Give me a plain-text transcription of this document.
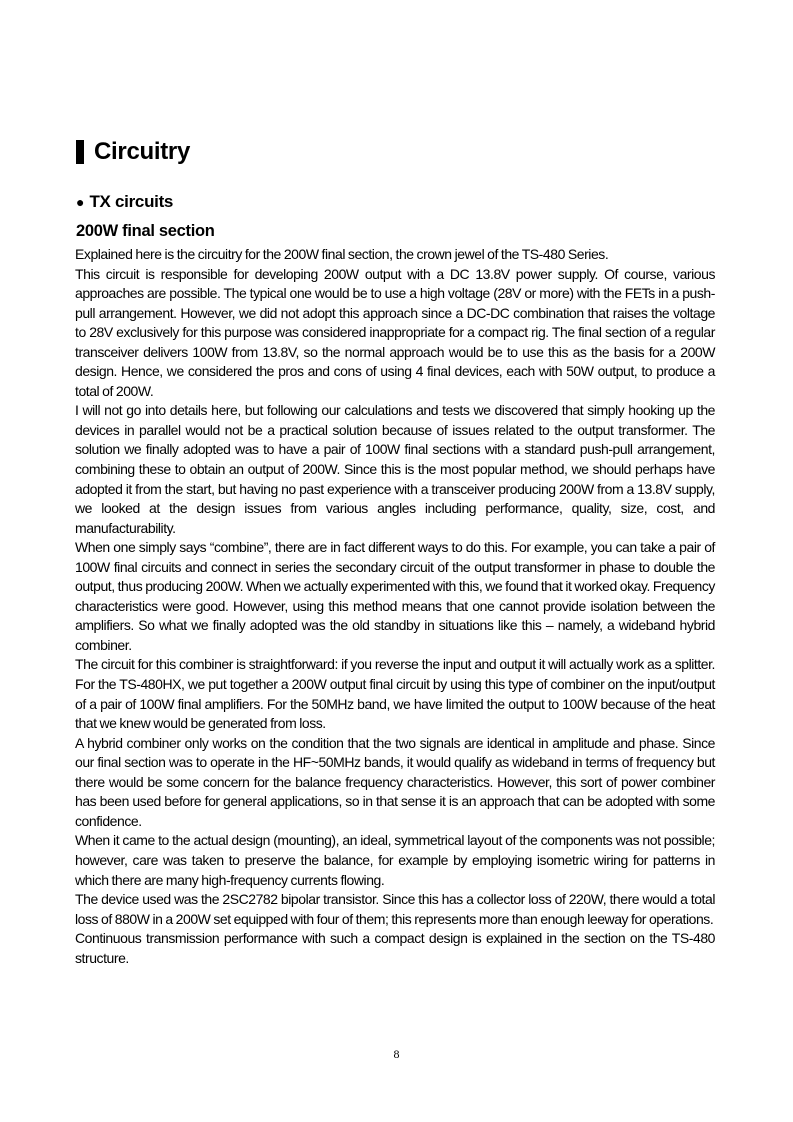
Circuitry
● TX circuits
200W final section

Explained here is the circuitry for the 200W final section, the crown jewel of the TS-480 Series.

This circuit is responsible for developing 200W output with a DC 13.8V power supply. Of course, various approaches are possible. The typical one would be to use a high voltage (28V or more) with the FETs in a push-pull arrangement. However, we did not adopt this approach since a DC-DC combination that raises the voltage to 28V exclusively for this purpose was considered inappropriate for a compact rig. The final section of a regular transceiver delivers 100W from 13.8V, so the normal approach would be to use this as the basis for a 200W design. Hence, we considered the pros and cons of using 4 final devices, each with 50W output, to produce a total of 200W.

I will not go into details here, but following our calculations and tests we discovered that simply hooking up the devices in parallel would not be a practical solution because of issues related to the output transformer. The solution we finally adopted was to have a pair of 100W final sections with a standard push-pull arrangement, combining these to obtain an output of 200W. Since this is the most popular method, we should perhaps have adopted it from the start, but having no past experience with a transceiver producing 200W from a 13.8V supply, we looked at the design issues from various angles including performance, quality, size, cost, and manufacturability.

When one simply says “combine”, there are in fact different ways to do this. For example, you can take a pair of 100W final circuits and connect in series the secondary circuit of the output transformer in phase to double the output, thus producing 200W. When we actually experimented with this, we found that it worked okay. Frequency characteristics were good. However, using this method means that one cannot provide isolation between the amplifiers. So what we finally adopted was the old standby in situations like this – namely, a wideband hybrid combiner.

The circuit for this combiner is straightforward: if you reverse the input and output it will actually work as a splitter. For the TS-480HX, we put together a 200W output final circuit by using this type of combiner on the input/output of a pair of 100W final amplifiers. For the 50MHz band, we have limited the output to 100W because of the heat that we knew would be generated from loss.

A hybrid combiner only works on the condition that the two signals are identical in amplitude and phase. Since our final section was to operate in the HF~50MHz bands, it would qualify as wideband in terms of frequency but there would be some concern for the balance frequency characteristics. However, this sort of power combiner has been used before for general applications, so in that sense it is an approach that can be adopted with some confidence.

When it came to the actual design (mounting), an ideal, symmetrical layout of the components was not possible; however, care was taken to preserve the balance, for example by employing isometric wiring for patterns in which there are many high-frequency currents flowing.

The device used was the 2SC2782 bipolar transistor. Since this has a collector loss of 220W, there would a total loss of 880W in a 200W set equipped with four of them; this represents more than enough leeway for operations.

Continuous transmission performance with such a compact design is explained in the section on the TS-480 structure.

8
